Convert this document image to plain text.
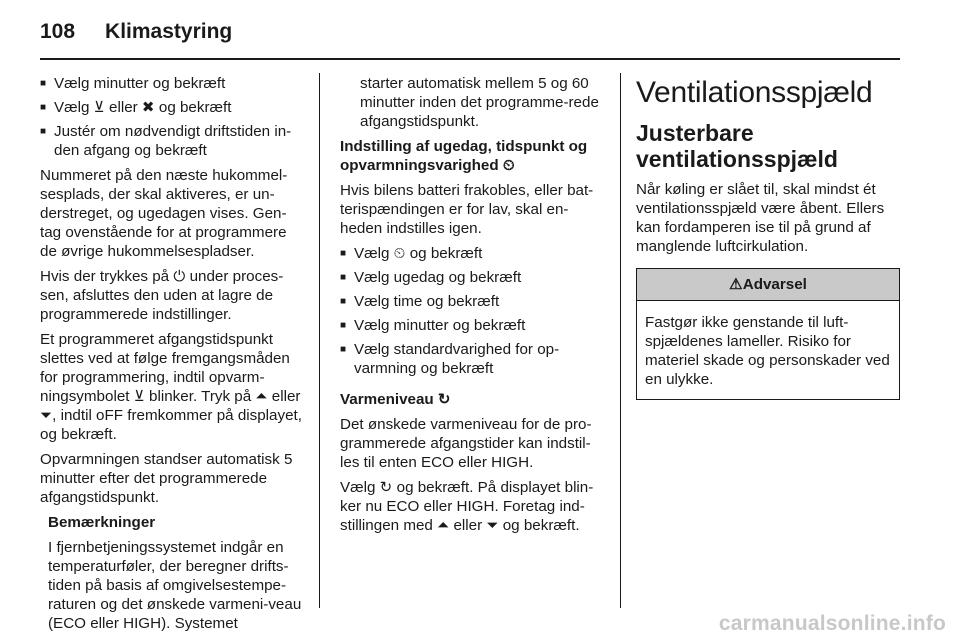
108 Klimastyring
■ Vælg minutter og bekræft
■ Vælg ⊻ eller ✖ og bekræft
■ Justér om nødvendigt driftstiden in-den afgang og bekræft

Nummeret på den næste hukommel-sesplads, der skal aktiveres, er un-derstreget, og ugedagen vises. Gen-tag ovenstående for at programmere de øvrige hukommelsespladser.

Hvis der trykkes på ⏻ under proces-sen, afsluttes den uden at lagre de programmerede indstillinger.

Et programmeret afgangstidspunkt slettes ved at følge fremgangsmåden for programmering, indtil opvarm-ningsymbolet ⊻ blinker. Tryk på ⏶ eller ⏷, indtil oFF fremkommer på displayet, og bekræft.

Opvarmningen standser automatisk 5 minutter efter det programmerede afgangstidspunkt.

Bemærkninger

I fjernbetjeningssystemet indgår en temperaturføler, der beregner drifts-tiden på basis af omgivelsestempe-raturen og det ønskede varmeni-veau (ECO eller HIGH). Systemet

starter automatisk mellem 5 og 60 minutter inden det programme-rede afgangstidspunkt.

Indstilling af ugedag, tidspunkt og opvarmningsvarighed ⏲

Hvis bilens batteri frakobles, eller bat-terispændingen er for lav, skal en-heden indstilles igen.

■ Vælg ⏲ og bekræft
■ Vælg ugedag og bekræft
■ Vælg time og bekræft
■ Vælg minutter og bekræft
■ Vælg standardvarighed for op-varmning og bekræft

Varmeniveau ↻

Det ønskede varmeniveau for de pro-grammerede afgangstider kan indstil-les til enten ECO eller HIGH.

Vælg ↻ og bekræft. På displayet blin-ker nu ECO eller HIGH. Foretag ind-stillingen med ⏶ eller ⏷ og bekræft.

Ventilationsspjæld
Justerbare ventilationsspjæld

Når køling er slået til, skal mindst ét ventilationsspjæld være åbent. Ellers kan fordamperen ise til på grund af manglende luftcirkulation.

⚠Advarsel
Fastgør ikke genstande til luft-spjældenes lameller. Risiko for materiel skade og personskader ved en ulykke.
carmanualsonline.info
